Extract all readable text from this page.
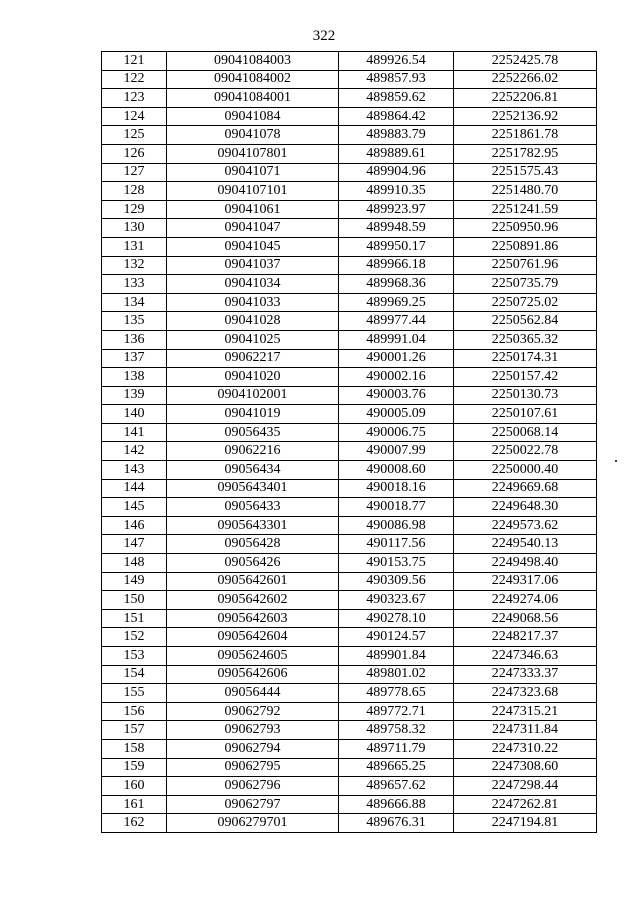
322
121	09041084003	489926.54	2252425.78
122	09041084002	489857.93	2252266.02
123	09041084001	489859.62	2252206.81
124	09041084	489864.42	2252136.92
125	09041078	489883.79	2251861.78
126	0904107801	489889.61	2251782.95
127	09041071	489904.96	2251575.43
128	0904107101	489910.35	2251480.70
129	09041061	489923.97	2251241.59
130	09041047	489948.59	2250950.96
131	09041045	489950.17	2250891.86
132	09041037	489966.18	2250761.96
133	09041034	489968.36	2250735.79
134	09041033	489969.25	2250725.02
135	09041028	489977.44	2250562.84
136	09041025	489991.04	2250365.32
137	09062217	490001.26	2250174.31
138	09041020	490002.16	2250157.42
139	0904102001	490003.76	2250130.73
140	09041019	490005.09	2250107.61
141	09056435	490006.75	2250068.14
142	09062216	490007.99	2250022.78
143	09056434	490008.60	2250000.40
144	0905643401	490018.16	2249669.68
145	09056433	490018.77	2249648.30
146	0905643301	490086.98	2249573.62
147	09056428	490117.56	2249540.13
148	09056426	490153.75	2249498.40
149	0905642601	490309.56	2249317.06
150	0905642602	490323.67	2249274.06
151	0905642603	490278.10	2249068.56
152	0905642604	490124.57	2248217.37
153	0905624605	489901.84	2247346.63
154	0905642606	489801.02	2247333.37
155	09056444	489778.65	2247323.68
156	09062792	489772.71	2247315.21
157	09062793	489758.32	2247311.84
158	09062794	489711.79	2247310.22
159	09062795	489665.25	2247308.60
160	09062796	489657.62	2247298.44
161	09062797	489666.88	2247262.81
162	0906279701	489676.31	2247194.81
